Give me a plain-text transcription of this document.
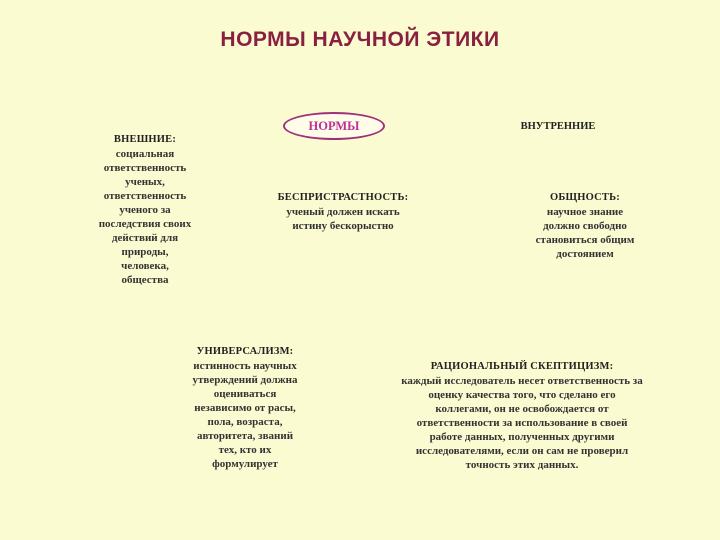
НОРМЫ НАУЧНОЙ ЭТИКИ
НОРМЫ	ВНУТРЕННИЕ
ВНЕШНИЕ:
социальная
ответственность
ученых,
ответственность
ученого за
последствия своих
действий для
природы,
человека,
общества
БЕСПРИСТРАСТНОСТЬ:
ученый должен искать
истину бескорыстно
ОБЩНОСТЬ:
научное знание
должно свободно
становиться общим
достоянием
УНИВЕРСАЛИЗМ:
истинность научных
утверждений должна
оцениваться
независимо от расы,
пола, возраста,
авторитета, званий
тех, кто их
формулирует
РАЦИОНАЛЬНЫЙ СКЕПТИЦИЗМ:
каждый исследователь несет ответственность за
оценку качества того, что сделано его
коллегами, он не освобождается от
ответственности за использование в своей
работе данных, полученных другими
исследователями, если он сам не проверил
точность этих данных.
